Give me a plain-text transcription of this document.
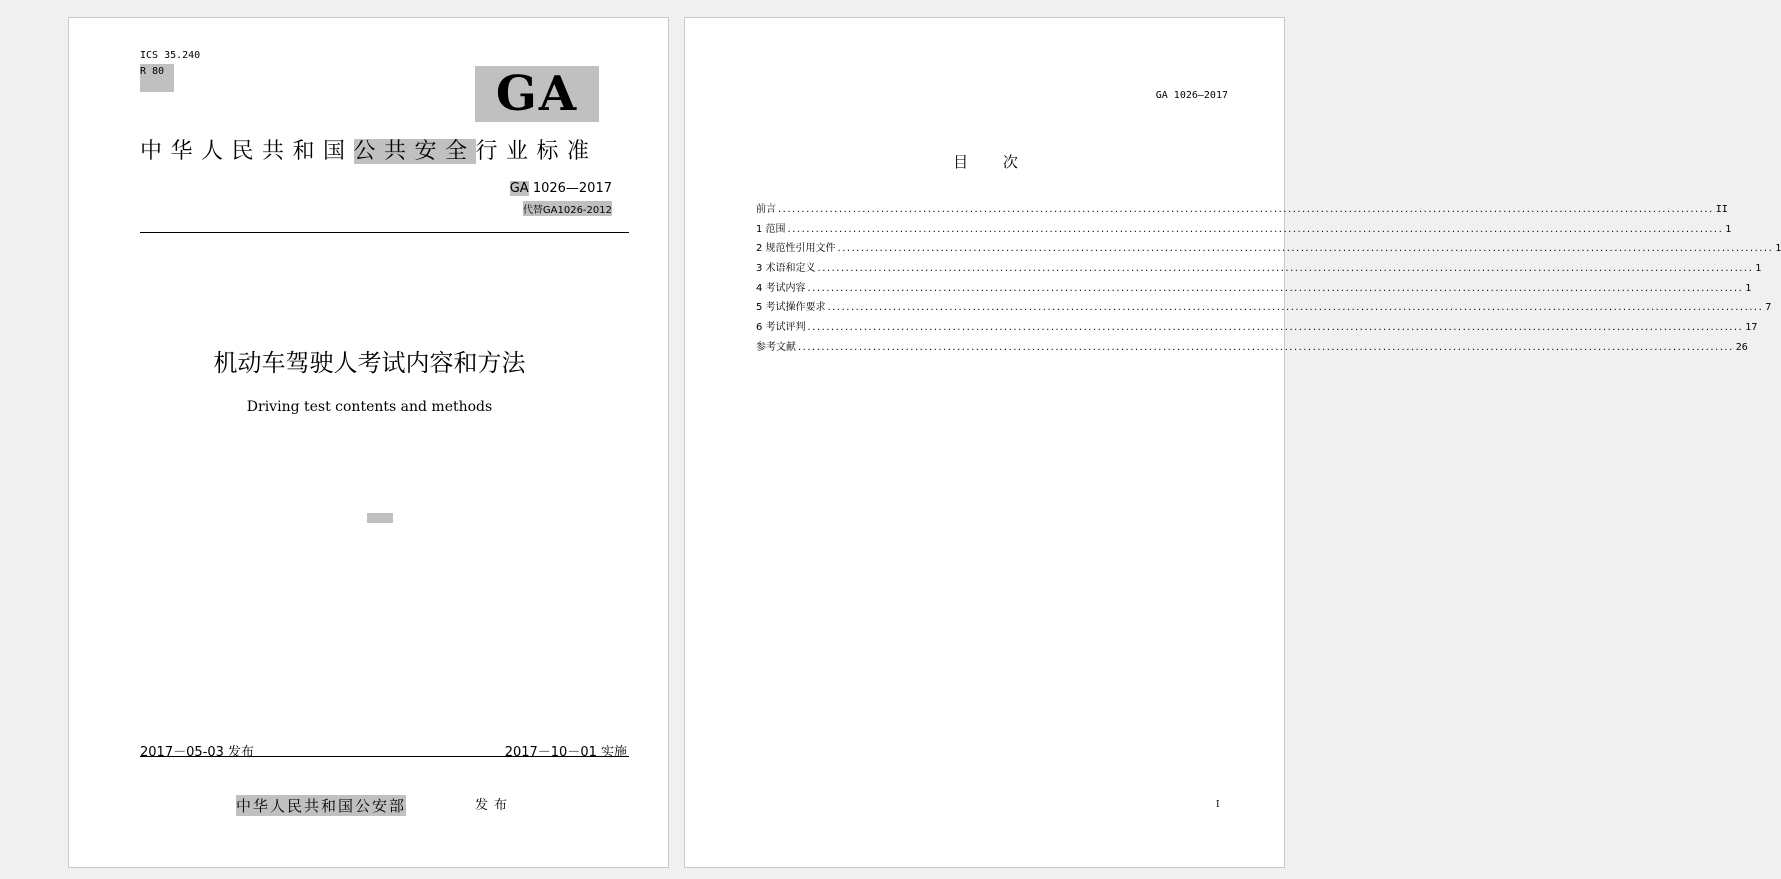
ICS 35.240
R 80	GA
中华人民共和国公共安全行业标准
GA 1026—2017
代替GA1026-2012
机动车驾驶人考试内容和方法
Driving test contents and methods
2017－05-03 发布	2017－10－01 实施
中华人民共和国公安部	发布
GA 1026—2017
目 次
前言 ........................................................................................................................................................................................................ II
1 范围 ........................................................................................................................................................................................................ 1
2 规范性引用文件 ........................................................................................................................................................................................................ 1
3 术语和定义 ........................................................................................................................................................................................................ 1
4 考试内容 ........................................................................................................................................................................................................ 1
5 考试操作要求 ........................................................................................................................................................................................................ 7
6 考试评判 ........................................................................................................................................................................................................ 17
参考文献 ........................................................................................................................................................................................................ 26
I
